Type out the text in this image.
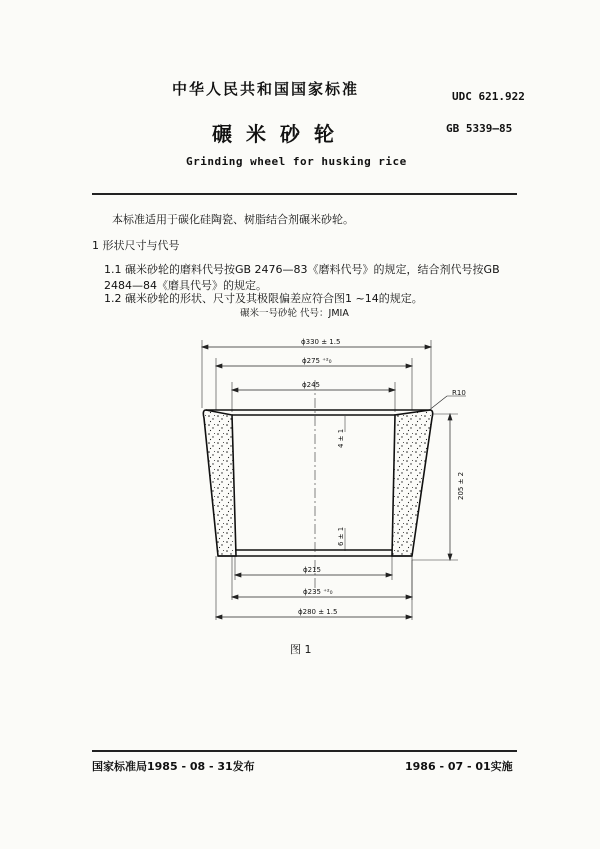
中华人民共和国国家标准	UDC 621.922
碾米砂轮	GB 5339—85
Grinding wheel for husking rice
本标准适用于碳化硅陶瓷、树脂结合剂碾米砂轮。
1 形状尺寸与代号
1.1 碾米砂轮的磨料代号按GB 2476—83《磨料代号》的规定，结合剂代号按GB 2484—84《磨具代号》的规定。
1.2 碾米砂轮的形状、尺寸及其极限偏差应符合图1 ~14的规定。
碾米一号砂轮 代号：JMIA
ϕ330 ± 1.5
ϕ275 ⁺²₀
ϕ245
R10
4 ± 1
205 ± 2
6 ± 1
ϕ215
ϕ235 ⁺²₀
ϕ280 ± 1.5
图 1
国家标准局1985 - 08 - 31发布	1986 - 07 - 01实施
